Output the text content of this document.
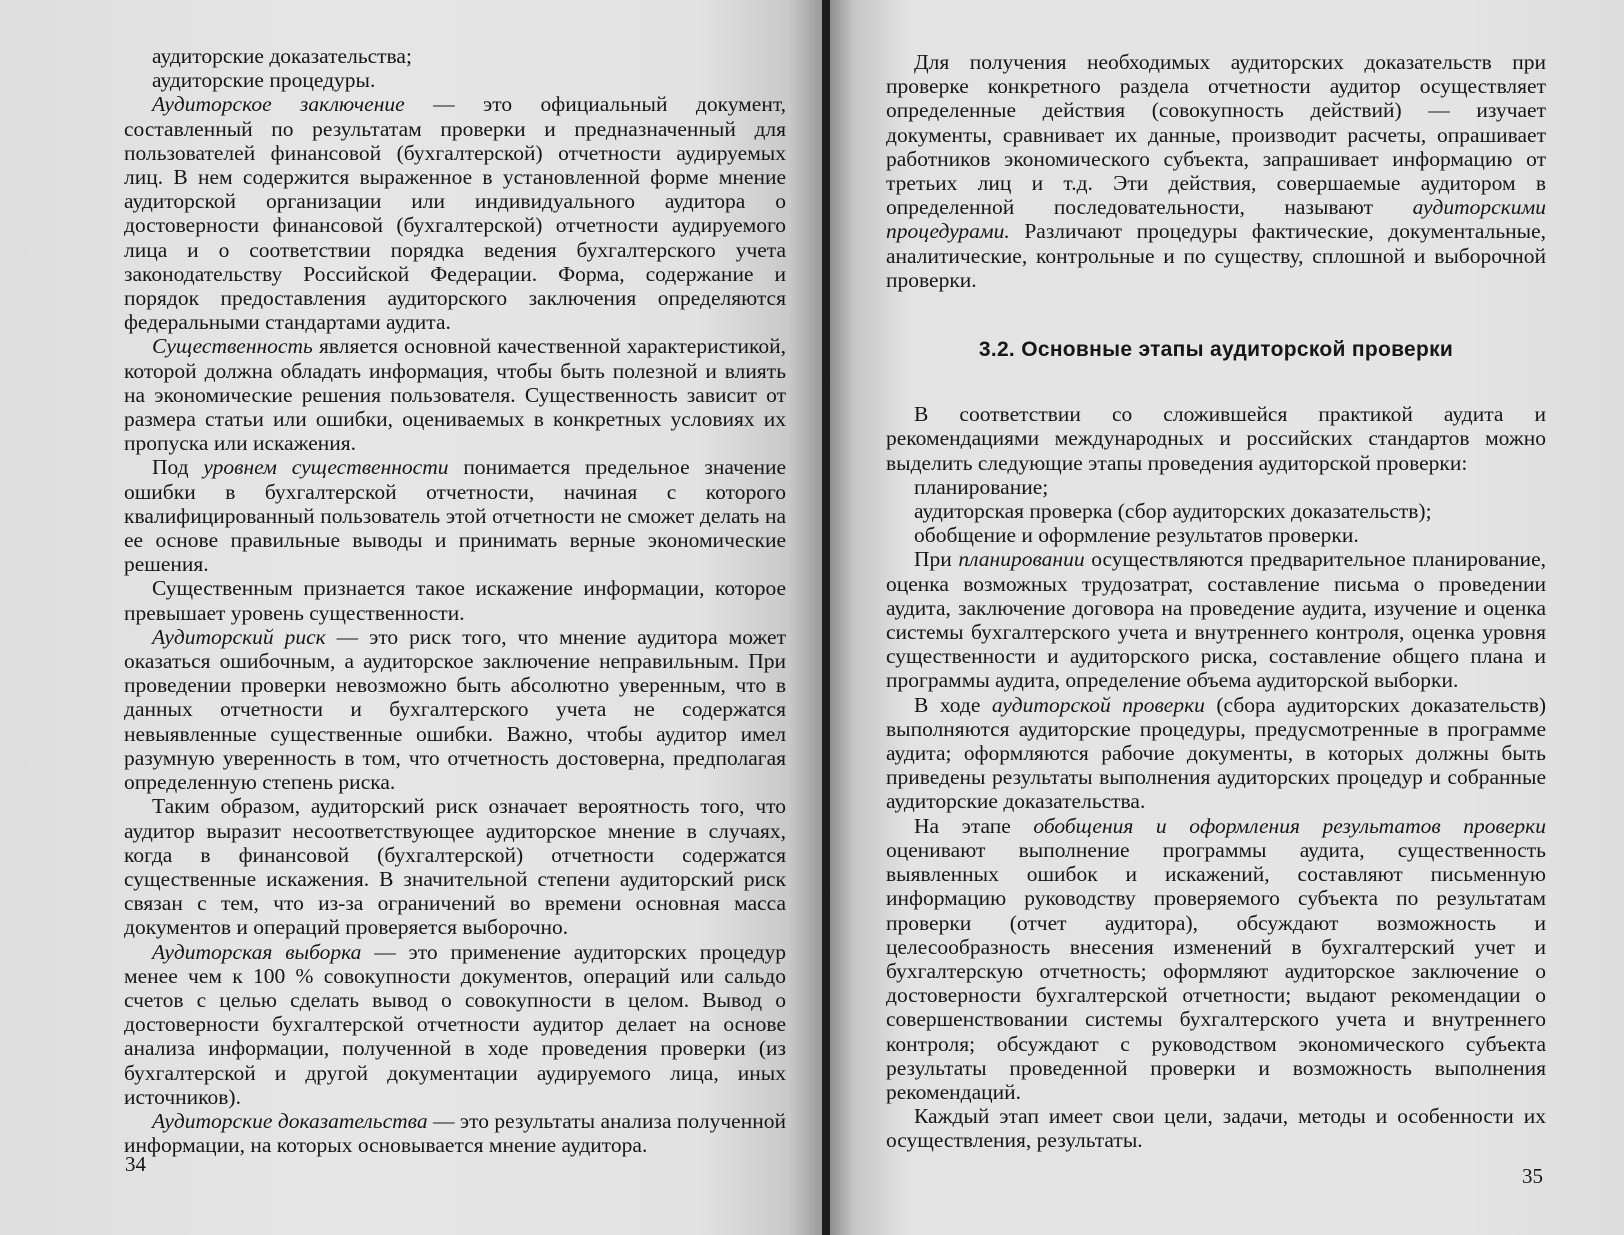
аудиторские доказательства;

аудиторские процедуры.

Аудиторское заключение — это официальный документ, составленный по результатам проверки и предназначенный для пользователей финансовой (бухгалтерской) отчетности аудируемых лиц. В нем содержится выраженное в установленной форме мнение аудиторской организации или индивидуального аудитора о достоверности финансовой (бухгалтерской) отчетности аудируемого лица и о соответствии порядка ведения бухгалтерского учета законодательству Российской Федерации. Форма, содержание и порядок предоставления аудиторского заключения определяются федеральными стандартами аудита.

Существенность является основной качественной характеристикой, которой должна обладать информация, чтобы быть полезной и влиять на экономические решения пользователя. Существенность зависит от размера статьи или ошибки, оцениваемых в конкретных условиях их пропуска или искажения.

Под уровнем существенности понимается предельное значение ошибки в бухгалтерской отчетности, начиная с которого квалифицированный пользователь этой отчетности не сможет делать на ее основе правильные выводы и принимать верные экономические решения.

Существенным признается такое искажение информации, которое превышает уровень существенности.

Аудиторский риск — это риск того, что мнение аудитора может оказаться ошибочным, а аудиторское заключение неправильным. При проведении проверки невозможно быть абсолютно уверенным, что в данных отчетности и бухгалтерского учета не содержатся невыявленные существенные ошибки. Важно, чтобы аудитор имел разумную уверенность в том, что отчетность достоверна, предполагая определенную степень риска.

Таким образом, аудиторский риск означает вероятность того, что аудитор выразит несоответствующее аудиторское мнение в случаях, когда в финансовой (бухгалтерской) отчетности содержатся существенные искажения. В значительной степени аудиторский риск связан с тем, что из-за ограничений во времени основная масса документов и операций проверяется выборочно.

Аудиторская выборка — это применение аудиторских процедур менее чем к 100 % совокупности документов, операций или сальдо счетов с целью сделать вывод о совокупности в целом. Вывод о достоверности бухгалтерской отчетности аудитор делает на основе анализа информации, полученной в ходе проведения проверки (из бухгалтерской и другой документации аудируемого лица, иных источников).

Аудиторские доказательства — это результаты анализа полученной информации, на которых основывается мнение аудитора.

34

Для получения необходимых аудиторских доказательств при проверке конкретного раздела отчетности аудитор осуществляет определенные действия (совокупность действий) — изучает документы, сравнивает их данные, производит расчеты, опрашивает работников экономического субъекта, запрашивает информацию от третьих лиц и т.д. Эти действия, совершаемые аудитором в определенной последовательности, называют аудиторскими процедурами. Различают процедуры фактические, документальные, аналитические, контрольные и по существу, сплошной и выборочной проверки.

3.2. Основные этапы аудиторской проверки

В соответствии со сложившейся практикой аудита и рекомендациями международных и российских стандартов можно выделить следующие этапы проведения аудиторской проверки:

планирование;

аудиторская проверка (сбор аудиторских доказательств);

обобщение и оформление результатов проверки.

При планировании осуществляются предварительное планирование, оценка возможных трудозатрат, составление письма о проведении аудита, заключение договора на проведение аудита, изучение и оценка системы бухгалтерского учета и внутреннего контроля, оценка уровня существенности и аудиторского риска, составление общего плана и программы аудита, определение объема аудиторской выборки.

В ходе аудиторской проверки (сбора аудиторских доказательств) выполняются аудиторские процедуры, предусмотренные в программе аудита; оформляются рабочие документы, в которых должны быть приведены результаты выполнения аудиторских процедур и собранные аудиторские доказательства.

На этапе обобщения и оформления результатов проверки оценивают выполнение программы аудита, существенность выявленных ошибок и искажений, составляют письменную информацию руководству проверяемого субъекта по результатам проверки (отчет аудитора), обсуждают возможность и целесообразность внесения изменений в бухгалтерский учет и бухгалтерскую отчетность; оформляют аудиторское заключение о достоверности бухгалтерской отчетности; выдают рекомендации о совершенствовании системы бухгалтерского учета и внутреннего контроля; обсуждают с руководством экономического субъекта результаты проведенной проверки и возможность выполнения рекомендаций.

Каждый этап имеет свои цели, задачи, методы и особенности их осуществления, результаты.

35
